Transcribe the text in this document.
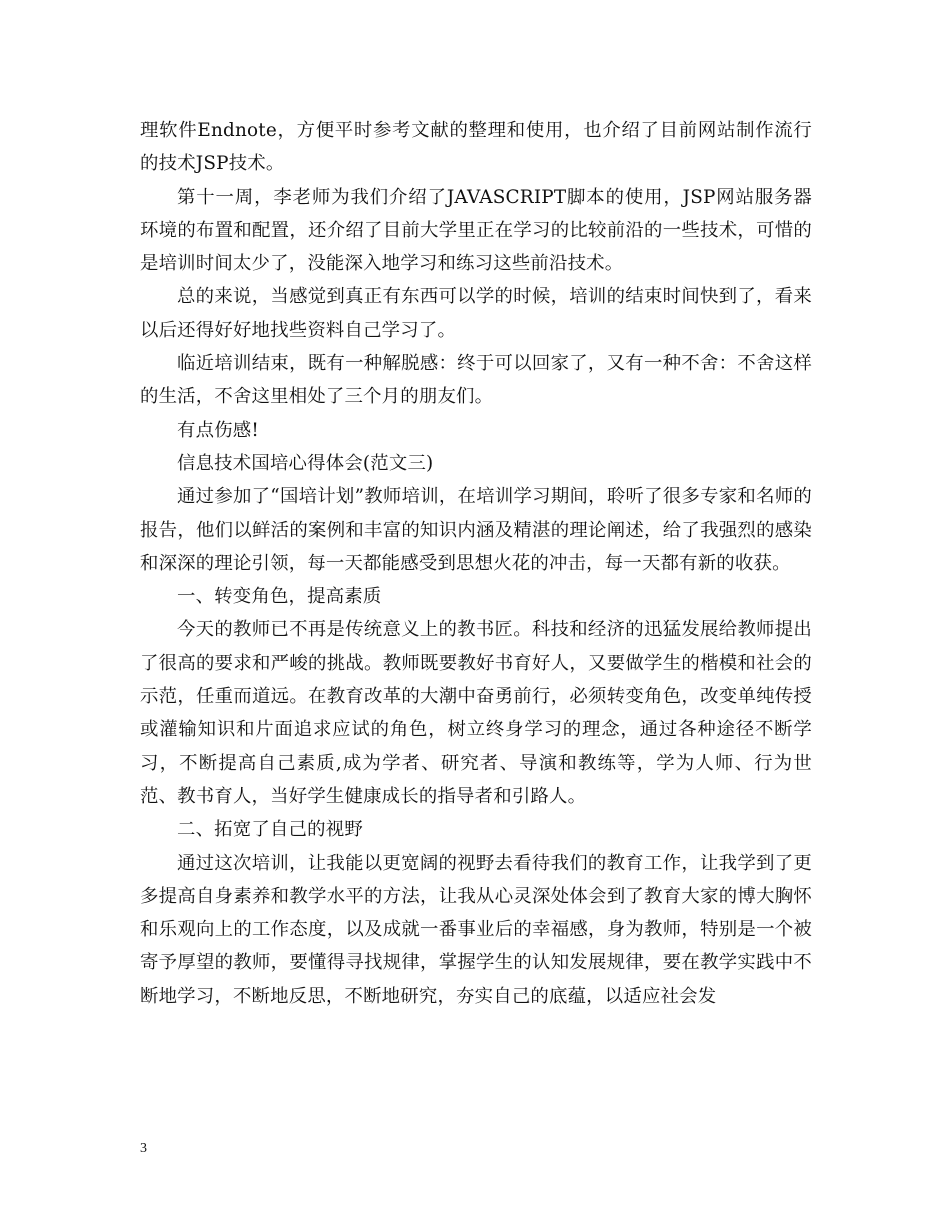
理软件Endnote，方便平时参考文献的整理和使用，也介绍了目前网站制作流行的技术JSP技术。

第十一周，李老师为我们介绍了JAVASCRIPT脚本的使用，JSP网站服务器环境的布置和配置，还介绍了目前大学里正在学习的比较前沿的一些技术，可惜的是培训时间太少了，没能深入地学习和练习这些前沿技术。

总的来说，当感觉到真正有东西可以学的时候，培训的结束时间快到了，看来以后还得好好地找些资料自己学习了。

临近培训结束，既有一种解脱感：终于可以回家了，又有一种不舍：不舍这样的生活，不舍这里相处了三个月的朋友们。

有点伤感!

信息技术国培心得体会(范文三)

通过参加了“国培计划”教师培训，在培训学习期间，聆听了很多专家和名师的报告，他们以鲜活的案例和丰富的知识内涵及精湛的理论阐述，给了我强烈的感染和深深的理论引领，每一天都能感受到思想火花的冲击，每一天都有新的收获。

一、转变角色，提高素质

今天的教师已不再是传统意义上的教书匠。科技和经济的迅猛发展给教师提出了很高的要求和严峻的挑战。教师既要教好书育好人，又要做学生的楷模和社会的示范，任重而道远。在教育改革的大潮中奋勇前行，必须转变角色，改变单纯传授或灌输知识和片面追求应试的角色，树立终身学习的理念，通过各种途径不断学习，不断提高自己素质,成为学者、研究者、导演和教练等，学为人师、行为世范、教书育人，当好学生健康成长的指导者和引路人。

二、拓宽了自己的视野

通过这次培训，让我能以更宽阔的视野去看待我们的教育工作，让我学到了更多提高自身素养和教学水平的方法，让我从心灵深处体会到了教育大家的博大胸怀和乐观向上的工作态度，以及成就一番事业后的幸福感，身为教师，特别是一个被寄予厚望的教师，要懂得寻找规律，掌握学生的认知发展规律，要在教学实践中不断地学习，不断地反思，不断地研究，夯实自己的底蕴，以适应社会发

3
